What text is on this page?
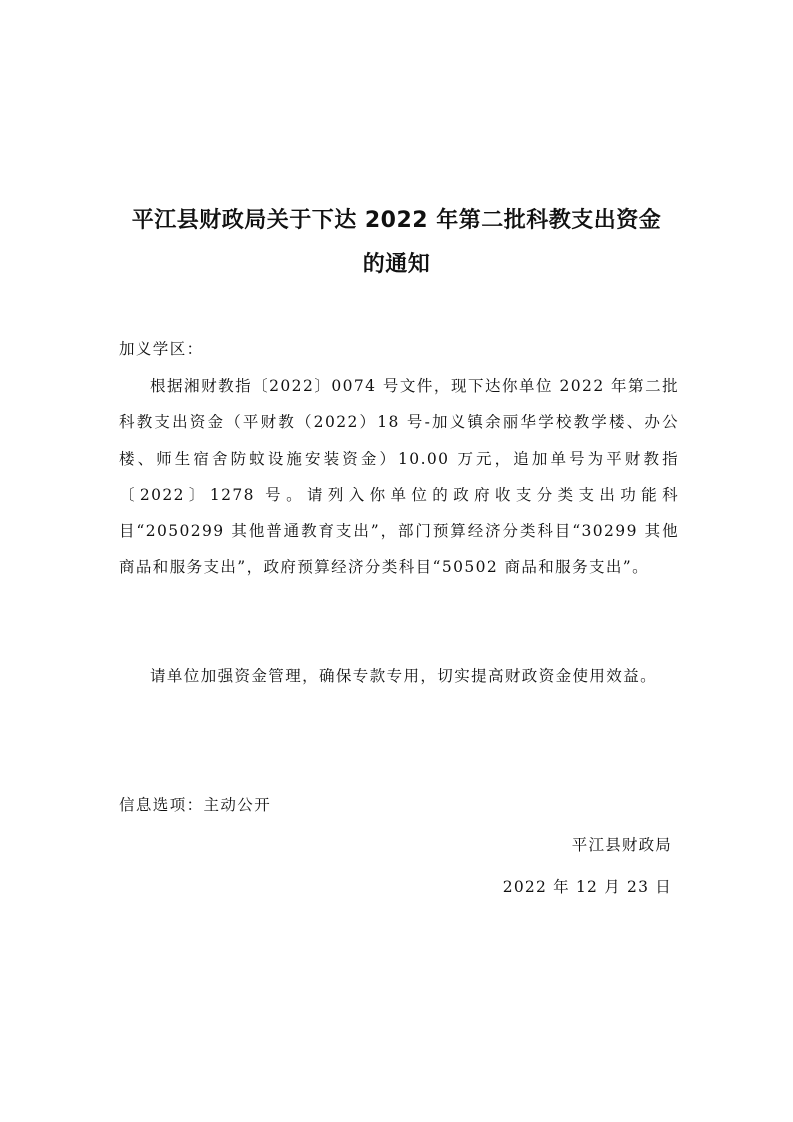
平江县财政局关于下达 2022 年第二批科教支出资金
的通知

加义学区：

根据湘财教指〔2022〕0074 号文件，现下达你单位 2022 年第二批科教支出资金（平财教（2022）18 号-加义镇余丽华学校教学楼、办公楼、师生宿舍防蚊设施安装资金）10.00 万元，追加单号为平财教指〔2022〕1278 号。请列入你单位的政府收支分类支出功能科目“2050299 其他普通教育支出”，部门预算经济分类科目“30299 其他商品和服务支出”，政府预算经济分类科目“50502 商品和服务支出”。

请单位加强资金管理，确保专款专用，切实提高财政资金使用效益。

信息选项：主动公开

平江县财政局

2022 年 12 月 23 日
